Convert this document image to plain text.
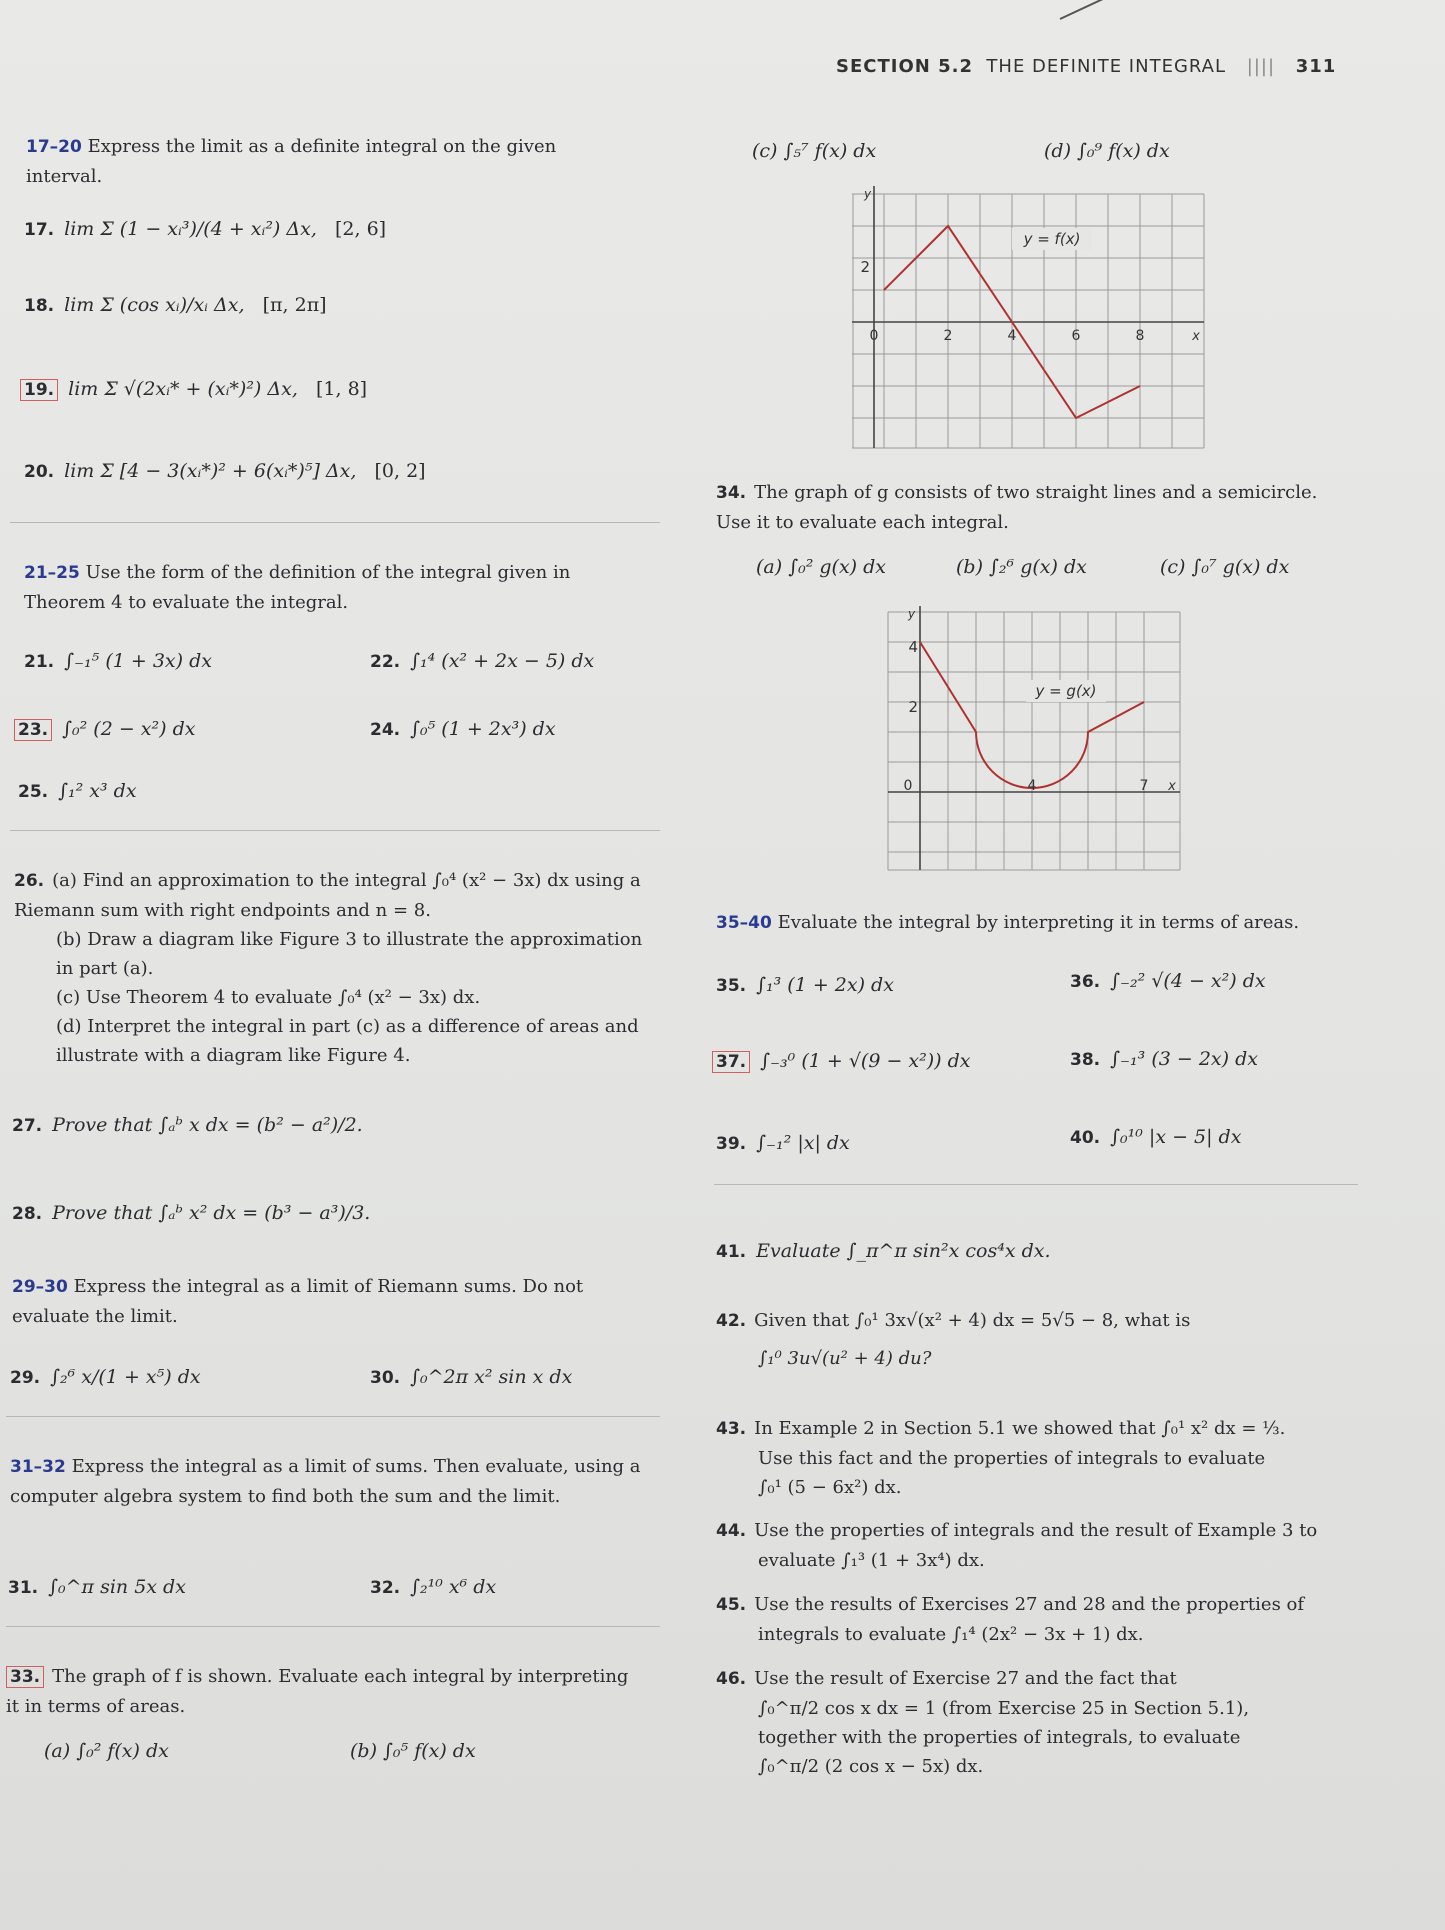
SECTION 5.2 THE DEFINITE INTEGRAL |||| 311
17–20 Express the limit as a definite integral on the given interval.
17. lim Σ (1 − xᵢ³)/(4 + xᵢ²) Δx, [2, 6]
18. lim Σ (cos xᵢ)/xᵢ Δx, [π, 2π]
19. lim Σ √(2xᵢ* + (xᵢ*)²) Δx, [1, 8]
20. lim Σ [4 − 3(xᵢ*)² + 6(xᵢ*)⁵] Δx, [0, 2]
21–25 Use the form of the definition of the integral given in Theorem 4 to evaluate the integral.
21. ∫₋₁⁵ (1 + 3x) dx	22. ∫₁⁴ (x² + 2x − 5) dx
23. ∫₀² (2 − x²) dx	24. ∫₀⁵ (1 + 2x³) dx
25. ∫₁² x³ dx
26. (a) Find an approximation to the integral ∫₀⁴ (x² − 3x) dx using a Riemann sum with right endpoints and n = 8.
(b) Draw a diagram like Figure 3 to illustrate the approximation in part (a).
(c) Use Theorem 4 to evaluate ∫₀⁴ (x² − 3x) dx.
(d) Interpret the integral in part (c) as a difference of areas and illustrate with a diagram like Figure 4.
27. Prove that ∫ₐᵇ x dx = (b² − a²)/2.
28. Prove that ∫ₐᵇ x² dx = (b³ − a³)/3.
29–30 Express the integral as a limit of Riemann sums. Do not evaluate the limit.
29. ∫₂⁶ x/(1 + x⁵) dx	30. ∫₀^2π x² sin x dx
31–32 Express the integral as a limit of sums. Then evaluate, using a computer algebra system to find both the sum and the limit.
31. ∫₀^π sin 5x dx	32. ∫₂¹⁰ x⁶ dx
33. The graph of f is shown. Evaluate each integral by interpreting it in terms of areas.
(a) ∫₀² f(x) dx	(b) ∫₀⁵ f(x) dx
(c) ∫₅⁷ f(x) dx	(d) ∫₀⁹ f(x) dx
y = f(x)
2
0	2	4	6	8	x
y
34. The graph of g consists of two straight lines and a semicircle. Use it to evaluate each integral.
(a) ∫₀² g(x) dx	(b) ∫₂⁶ g(x) dx	(c) ∫₀⁷ g(x) dx
y = g(x)
4
2
0	4	7 x
y
35–40 Evaluate the integral by interpreting it in terms of areas.
35. ∫₁³ (1 + 2x) dx	36. ∫₋₂² √(4 − x²) dx
37. ∫₋₃⁰ (1 + √(9 − x²)) dx	38. ∫₋₁³ (3 − 2x) dx
39. ∫₋₁² |x| dx	40. ∫₀¹⁰ |x − 5| dx
41. Evaluate ∫_π^π sin²x cos⁴x dx.
42. Given that ∫₀¹ 3x√(x² + 4) dx = 5√5 − 8, what is
∫₁⁰ 3u√(u² + 4) du?
43. In Example 2 in Section 5.1 we showed that ∫₀¹ x² dx = ⅓.
Use this fact and the properties of integrals to evaluate
∫₀¹ (5 − 6x²) dx.
44. Use the properties of integrals and the result of Example 3 to
evaluate ∫₁³ (1 + 3x⁴) dx.
45. Use the results of Exercises 27 and 28 and the properties of
integrals to evaluate ∫₁⁴ (2x² − 3x + 1) dx.
46. Use the result of Exercise 27 and the fact that
∫₀^π/2 cos x dx = 1 (from Exercise 25 in Section 5.1),
together with the properties of integrals, to evaluate
∫₀^π/2 (2 cos x − 5x) dx.
